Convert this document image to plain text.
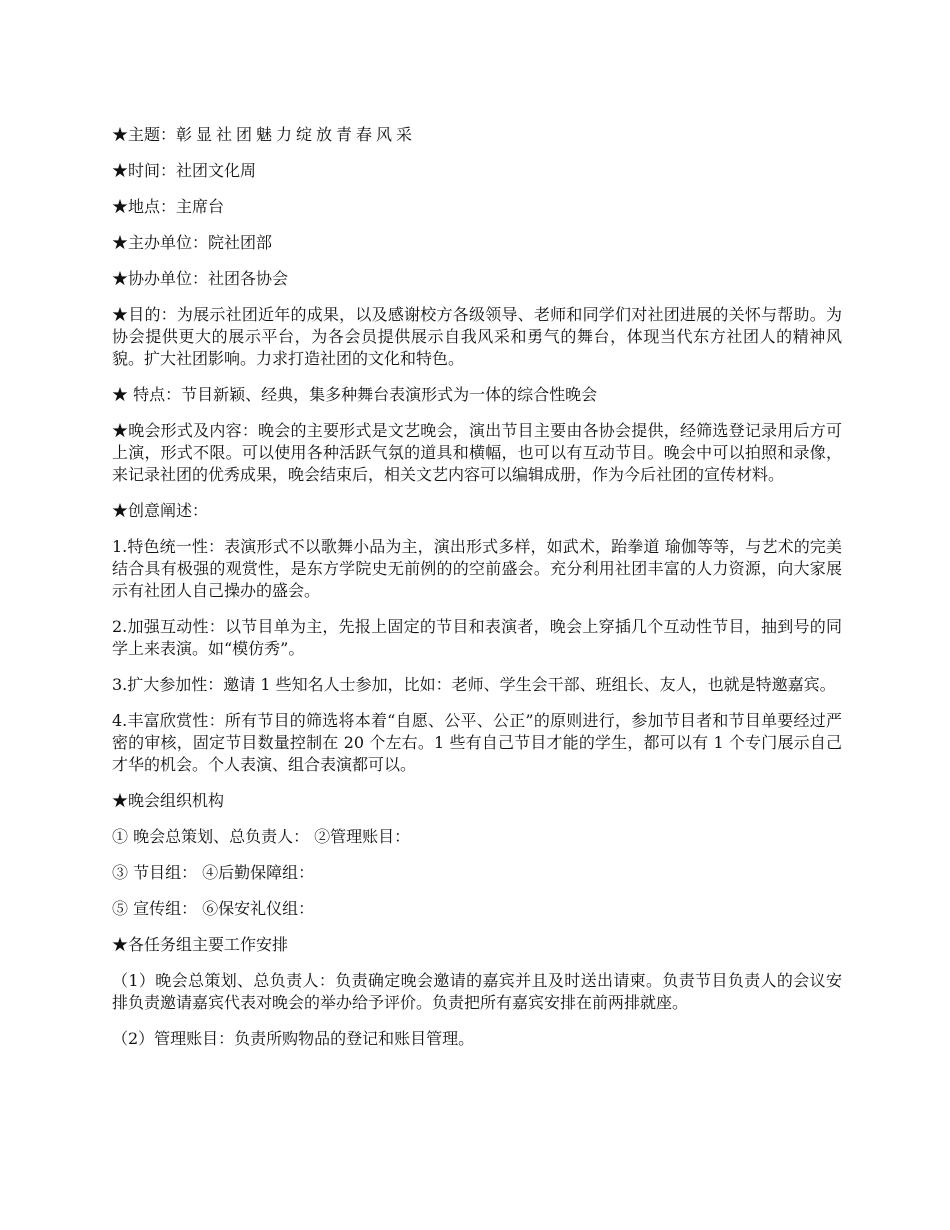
★主题：彰显社团魅力绽放青春风采

★时间：社团文化周

★地点：主席台

★主办单位：院社团部

★协办单位：社团各协会

★目的：为展示社团近年的成果，以及感谢校方各级领导、老师和同学们对社团进展的关怀与帮助。为协会提供更大的展示平台，为各会员提供展示自我风采和勇气的舞台，体现当代东方社团人的精神风貌。扩大社团影响。力求打造社团的文化和特色。

★ 特点：节目新颖、经典，集多种舞台表演形式为一体的综合性晚会

★晚会形式及内容：晚会的主要形式是文艺晚会，演出节目主要由各协会提供，经筛选登记录用后方可上演，形式不限。可以使用各种活跃气氛的道具和横幅，也可以有互动节目。晚会中可以拍照和录像，来记录社团的优秀成果，晚会结束后，相关文艺内容可以编辑成册，作为今后社团的宣传材料。

★创意阐述：

1.特色统一性：表演形式不以歌舞小品为主，演出形式多样，如武术，跆拳道 瑜伽等等，与艺术的完美结合具有极强的观赏性，是东方学院史无前例的的空前盛会。充分利用社团丰富的人力资源，向大家展示有社团人自己操办的盛会。

2.加强互动性：以节目单为主，先报上固定的节目和表演者，晚会上穿插几个互动性节目，抽到号的同学上来表演。如“模仿秀”。

3.扩大参加性：邀请 1 些知名人士参加，比如：老师、学生会干部、班组长、友人，也就是特邀嘉宾。

4.丰富欣赏性：所有节目的筛选将本着“自愿、公平、公正”的原则进行，参加节目者和节目单要经过严密的审核，固定节目数量控制在 20 个左右。1 些有自己节目才能的学生，都可以有 1 个专门展示自己才华的机会。个人表演、组合表演都可以。

★晚会组织机构

① 晚会总策划、总负责人： ②管理账目：

③ 节目组： ④后勤保障组：

⑤ 宣传组： ⑥保安礼仪组：

★各任务组主要工作安排

（1）晚会总策划、总负责人：负责确定晚会邀请的嘉宾并且及时送出请柬。负责节目负责人的会议安排负责邀请嘉宾代表对晚会的举办给予评价。负责把所有嘉宾安排在前两排就座。

（2）管理账目：负责所购物品的登记和账目管理。
